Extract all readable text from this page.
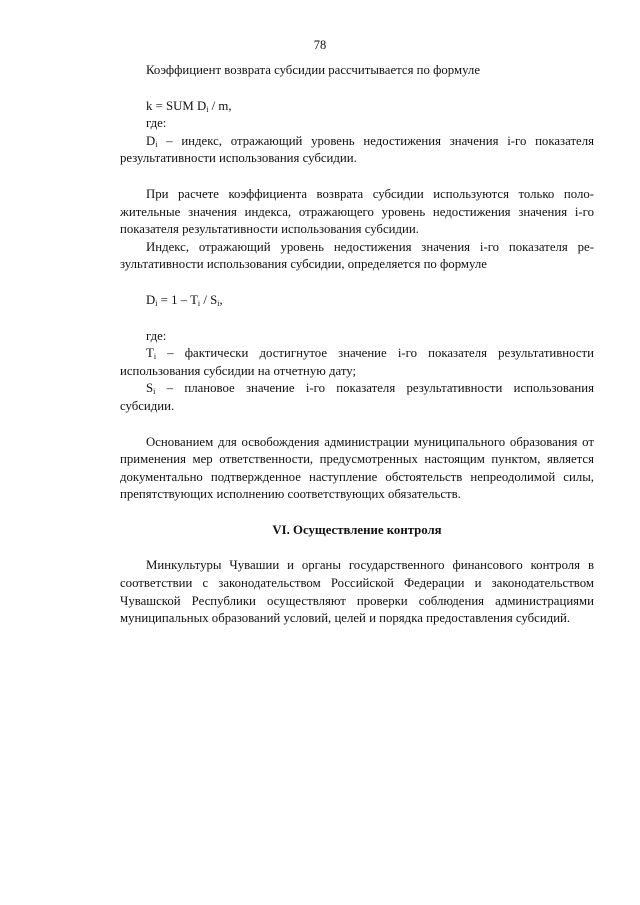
78

Коэффициент возврата субсидии рассчитывается по формуле

k = SUM $D_i$ / m,

где:

$D_i$ – индекс, отражающий уровень недостижения значения i-го показателя результативности использования субсидии.

При расчете коэффициента возврата субсидии используются только положительные значения индекса, отражающего уровень недостижения значения i-го показателя результативности использования субсидии.

Индекс, отражающий уровень недостижения значения i-го показателя результативности использования субсидии, определяется по формуле

$D_i = 1 - T_i / S_i$,

где:

$T_i$ – фактически достигнутое значение i-го показателя результативности использования субсидии на отчетную дату;

$S_i$ – плановое значение i-го показателя результативности использования субсидии.

Основанием для освобождения администрации муниципального образования от применения мер ответственности, предусмотренных настоящим пунктом, является документально подтвержденное наступление обстоятельств непреодолимой силы, препятствующих исполнению соответствующих обязательств.

VI. Осуществление контроля

Минкультуры Чувашии и органы государственного финансового контроля в соответствии с законодательством Российской Федерации и законодательством Чувашской Республики осуществляют проверки соблюдения администрациями муниципальных образований условий, целей и порядка предоставления субсидий.
